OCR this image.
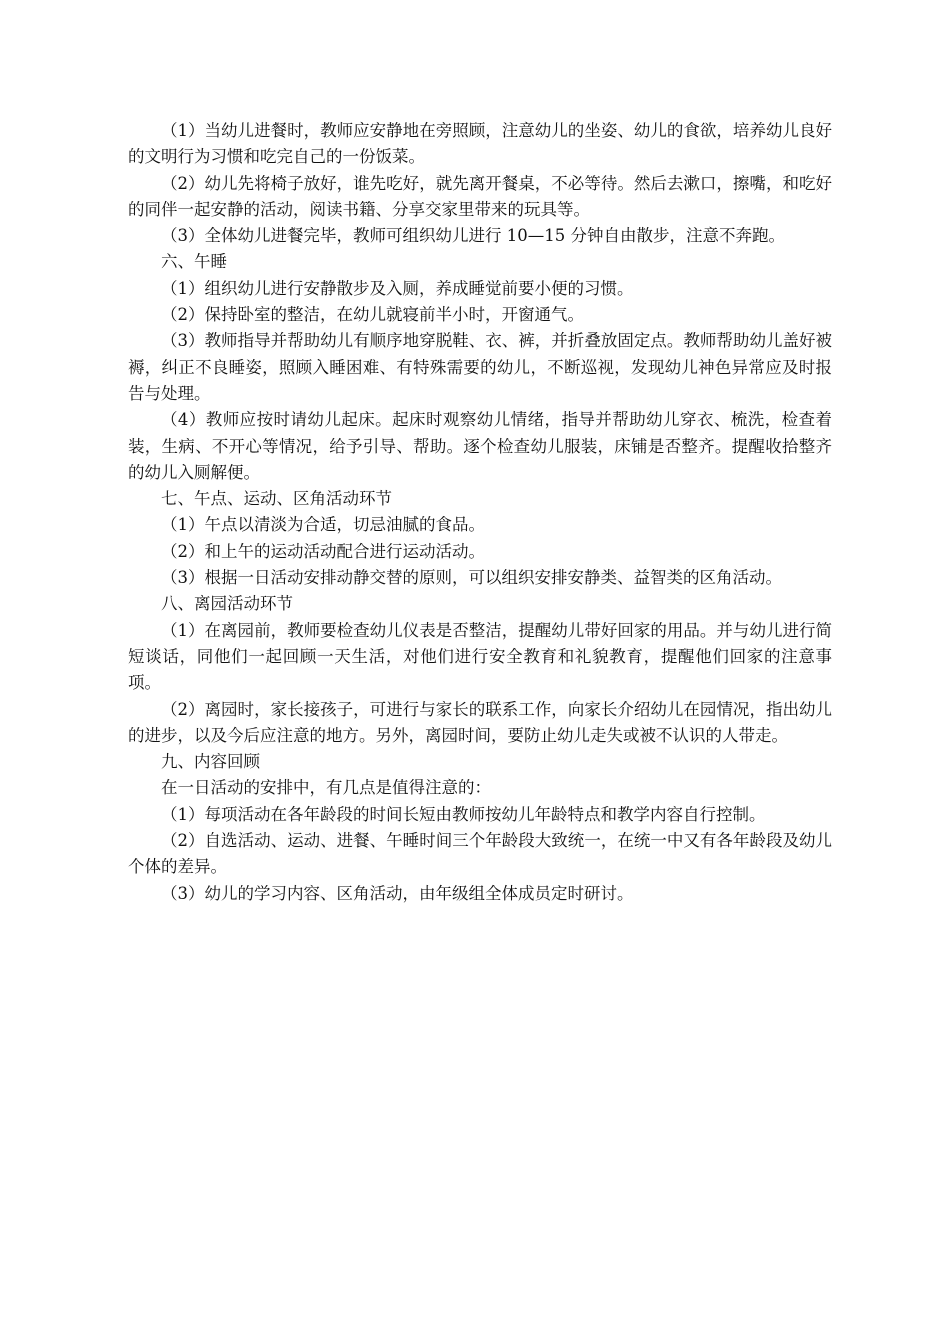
（1）当幼儿进餐时，教师应安静地在旁照顾，注意幼儿的坐姿、幼儿的食欲，培养幼儿良好的文明行为习惯和吃完自己的一份饭菜。

（2）幼儿先将椅子放好，谁先吃好，就先离开餐桌，不必等待。然后去漱口，擦嘴，和吃好的同伴一起安静的活动，阅读书籍、分享交家里带来的玩具等。

（3）全体幼儿进餐完毕，教师可组织幼儿进行 10—15 分钟自由散步，注意不奔跑。

六、午睡

（1）组织幼儿进行安静散步及入厕，养成睡觉前要小便的习惯。

（2）保持卧室的整洁，在幼儿就寝前半小时，开窗通气。

（3）教师指导并帮助幼儿有顺序地穿脱鞋、衣、裤，并折叠放固定点。教师帮助幼儿盖好被褥，纠正不良睡姿，照顾入睡困难、有特殊需要的幼儿，不断巡视，发现幼儿神色异常应及时报告与处理。

（4）教师应按时请幼儿起床。起床时观察幼儿情绪，指导并帮助幼儿穿衣、梳洗，检查着装，生病、不开心等情况，给予引导、帮助。逐个检查幼儿服装，床铺是否整齐。提醒收拾整齐的幼儿入厕解便。

七、午点、运动、区角活动环节

（1）午点以清淡为合适，切忌油腻的食品。

（2）和上午的运动活动配合进行运动活动。

（3）根据一日活动安排动静交替的原则，可以组织安排安静类、益智类的区角活动。

八、离园活动环节

（1）在离园前，教师要检查幼儿仪表是否整洁，提醒幼儿带好回家的用品。并与幼儿进行简短谈话，同他们一起回顾一天生活，对他们进行安全教育和礼貌教育，提醒他们回家的注意事项。

（2）离园时，家长接孩子，可进行与家长的联系工作，向家长介绍幼儿在园情况，指出幼儿的进步，以及今后应注意的地方。另外，离园时间，要防止幼儿走失或被不认识的人带走。

九、内容回顾

在一日活动的安排中，有几点是值得注意的：

（1）每项活动在各年龄段的时间长短由教师按幼儿年龄特点和教学内容自行控制。

（2）自选活动、运动、进餐、午睡时间三个年龄段大致统一，在统一中又有各年龄段及幼儿个体的差异。

（3）幼儿的学习内容、区角活动，由年级组全体成员定时研讨。
